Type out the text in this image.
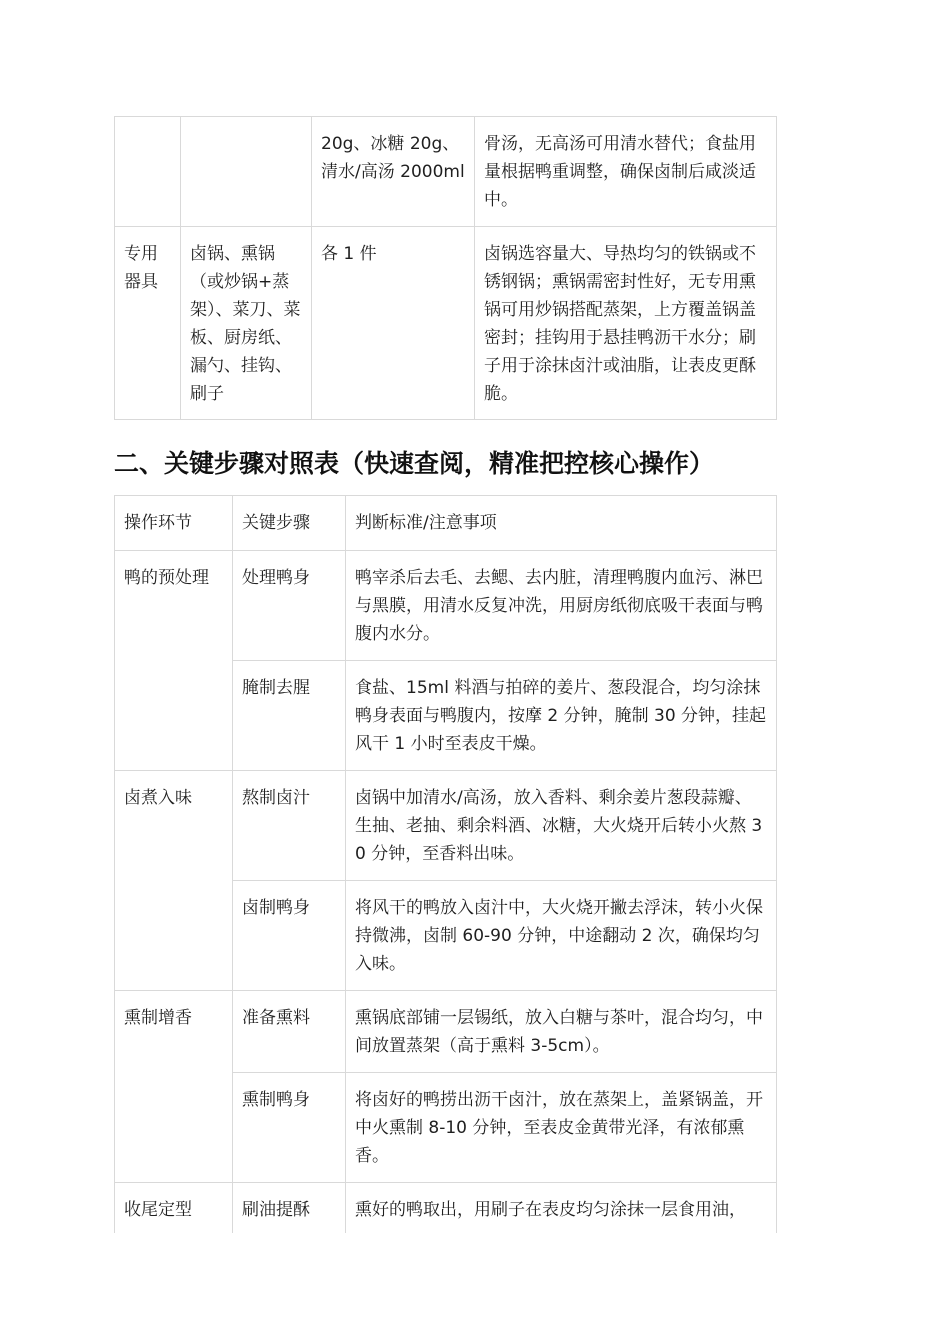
		20g、冰糖 20g、清水/高汤 2000ml	骨汤，无高汤可用清水替代；食盐用量根据鸭重调整，确保卤制后咸淡适中。
专用器具	卤锅、熏锅（或炒锅+蒸架）、菜刀、菜板、厨房纸、漏勺、挂钩、刷子	各 1 件	卤锅选容量大、导热均匀的铁锅或不锈钢锅；熏锅需密封性好，无专用熏锅可用炒锅搭配蒸架，上方覆盖锅盖密封；挂钩用于悬挂鸭沥干水分；刷子用于涂抹卤汁或油脂，让表皮更酥脆。
二、关键步骤对照表（快速查阅，精准把控核心操作）
操作环节	关键步骤	判断标准/注意事项
鸭的预处理	处理鸭身	鸭宰杀后去毛、去鳃、去内脏，清理鸭腹内血污、淋巴与黑膜，用清水反复冲洗，用厨房纸彻底吸干表面与鸭腹内水分。
	腌制去腥	食盐、15ml 料酒与拍碎的姜片、葱段混合，均匀涂抹鸭身表面与鸭腹内，按摩 2 分钟，腌制 30 分钟，挂起风干 1 小时至表皮干燥。
卤煮入味	熬制卤汁	卤锅中加清水/高汤，放入香料、剩余姜片葱段蒜瓣、生抽、老抽、剩余料酒、冰糖，大火烧开后转小火熬 30 分钟，至香料出味。
	卤制鸭身	将风干的鸭放入卤汁中，大火烧开撇去浮沫，转小火保持微沸，卤制 60-90 分钟，中途翻动 2 次，确保均匀入味。
熏制增香	准备熏料	熏锅底部铺一层锡纸，放入白糖与茶叶，混合均匀，中间放置蒸架（高于熏料 3-5cm）。
	熏制鸭身	将卤好的鸭捞出沥干卤汁，放在蒸架上，盖紧锅盖，开中火熏制 8-10 分钟，至表皮金黄带光泽，有浓郁熏香。
收尾定型	刷油提酥	熏好的鸭取出，用刷子在表皮均匀涂抹一层食用油，
